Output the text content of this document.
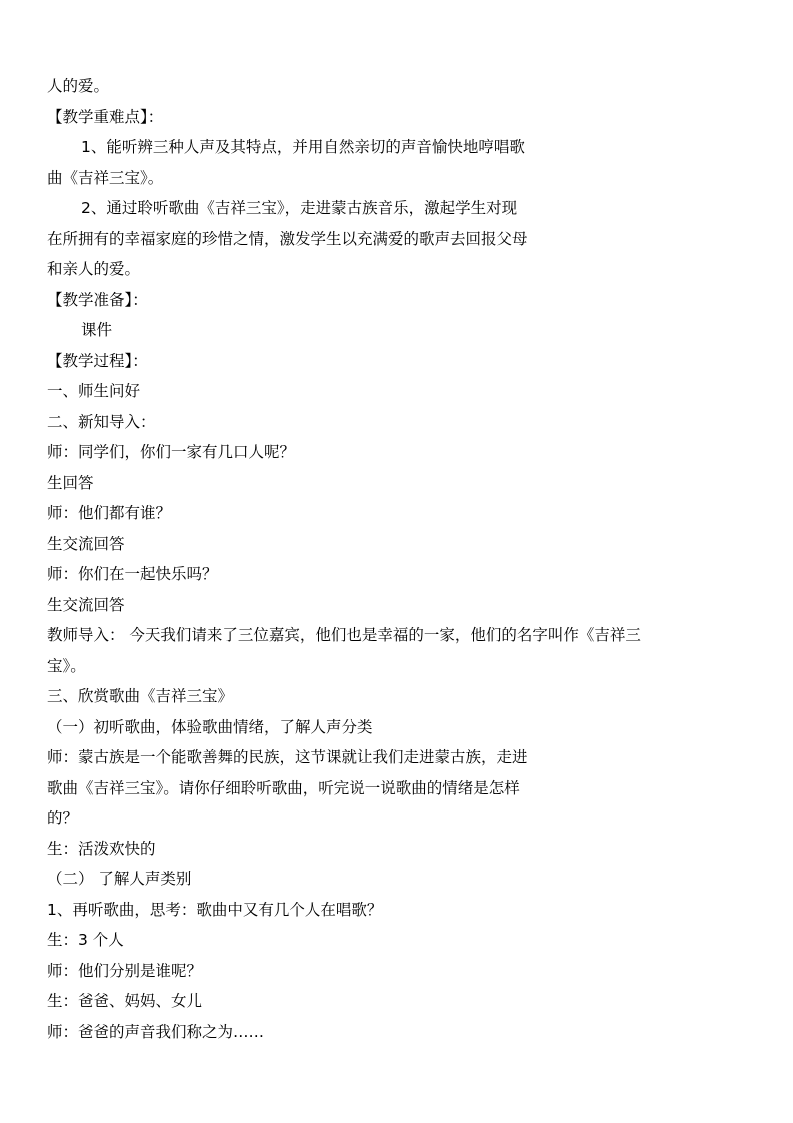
人的爱。

【教学重难点】：

1、能听辨三种人声及其特点，并用自然亲切的声音愉快地哼唱歌

曲《吉祥三宝》。

2、通过聆听歌曲《吉祥三宝》，走进蒙古族音乐，激起学生对现

在所拥有的幸福家庭的珍惜之情，激发学生以充满爱的歌声去回报父母

和亲人的爱。

【教学准备】：

课件

【教学过程】：

一、师生问好

二、新知导入：

师：同学们，你们一家有几口人呢？

生回答

师：他们都有谁？

生交流回答

师：你们在一起快乐吗？

生交流回答

教师导入： 今天我们请来了三位嘉宾，他们也是幸福的一家，他们的名字叫作《吉祥三

宝》。

三、欣赏歌曲《吉祥三宝》

（一）初听歌曲，体验歌曲情绪，了解人声分类

师：蒙古族是一个能歌善舞的民族，这节课就让我们走进蒙古族，走进

歌曲《吉祥三宝》。请你仔细聆听歌曲，听完说一说歌曲的情绪是怎样

的？

生：活泼欢快的

（二） 了解人声类别

1、再听歌曲，思考：歌曲中又有几个人在唱歌？

生：3 个人

师：他们分别是谁呢？

生：爸爸、妈妈、女儿

师：爸爸的声音我们称之为……
